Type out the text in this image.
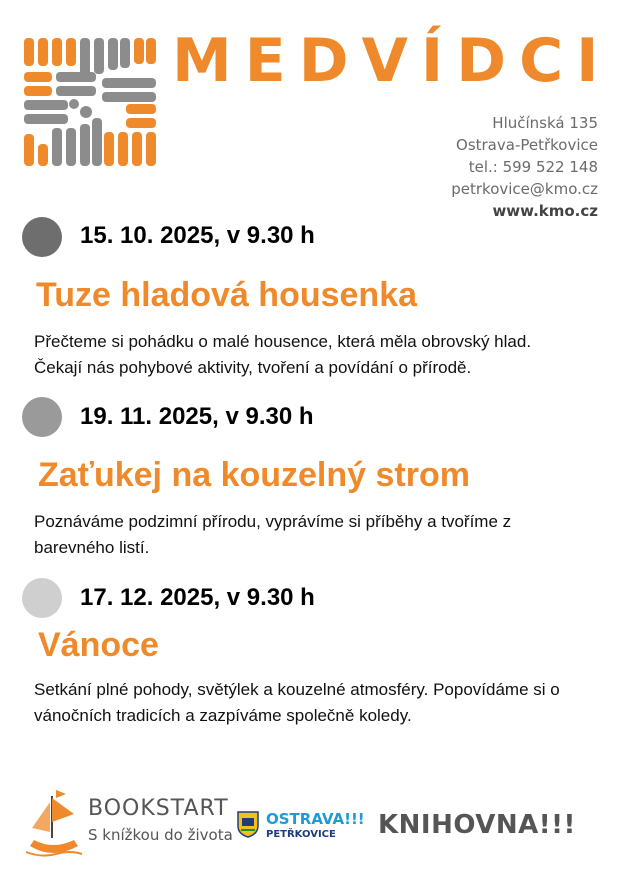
MEDVÍDCI
Hlučínská 135
Ostrava-Petřkovice
tel.: 599 522 148
petrkovice@kmo.cz
www.kmo.cz
15. 10. 2025, v 9.30 h
Tuze hladová housenka
Přečteme si pohádku o malé housence, která měla obrovský hlad. Čekají nás pohybové aktivity, tvoření a povídání o přírodě.
19. 11. 2025, v 9.30 h
Zaťukej na kouzelný strom
Poznáváme podzimní přírodu, vyprávíme si příběhy a tvoříme z barevného listí.
17. 12. 2025, v 9.30 h
Vánoce
Setkání plné pohody, světýlek a kouzelné atmosféry. Popovídáme si o vánočních tradicích a zazpíváme společně koledy.
BOOKSTART
S knížkou do života
OSTRAVA!!!
PETŘKOVICE KNIHOVNA!!!
